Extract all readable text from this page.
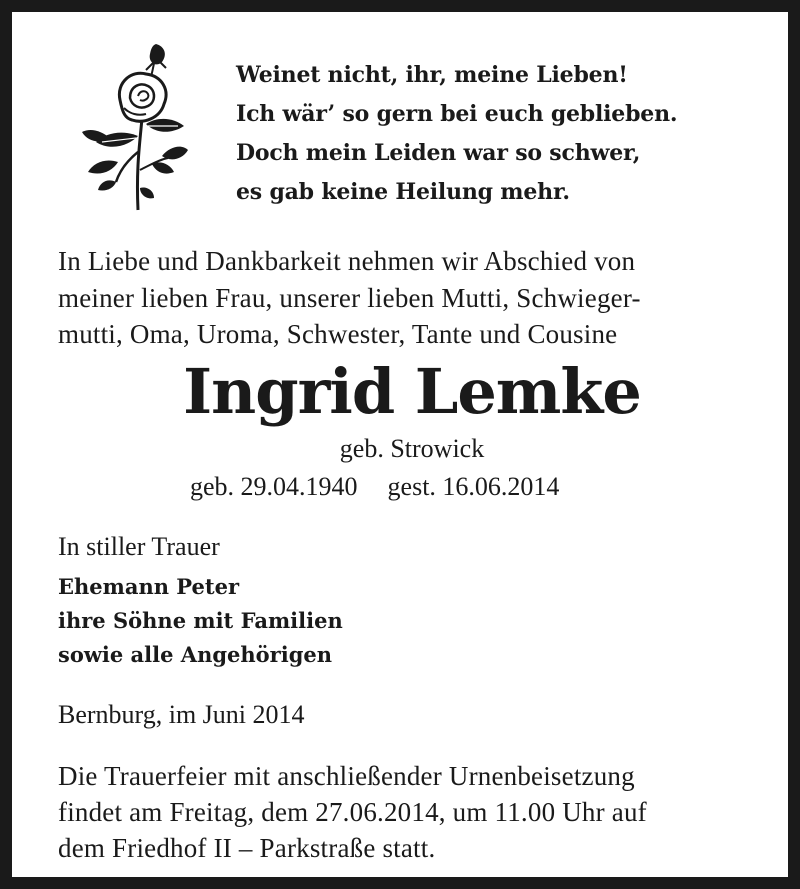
Weinet nicht, ihr, meine Lieben!
Ich wär’ so gern bei euch geblieben.
Doch mein Leiden war so schwer,
es gab keine Heilung mehr.
In Liebe und Dankbarkeit nehmen wir Abschied von
meiner lieben Frau, unserer lieben Mutti, Schwieger-
mutti, Oma, Uroma, Schwester, Tante und Cousine
Ingrid Lemke
geb. Strowick
geb. 29.04.1940 gest. 16.06.2014
In stiller Trauer
Ehemann Peter
ihre Söhne mit Familien
sowie alle Angehörigen
Bernburg, im Juni 2014
Die Trauerfeier mit anschließender Urnenbeisetzung
findet am Freitag, dem 27.06.2014, um 11.00 Uhr auf
dem Friedhof II – Parkstraße statt.
